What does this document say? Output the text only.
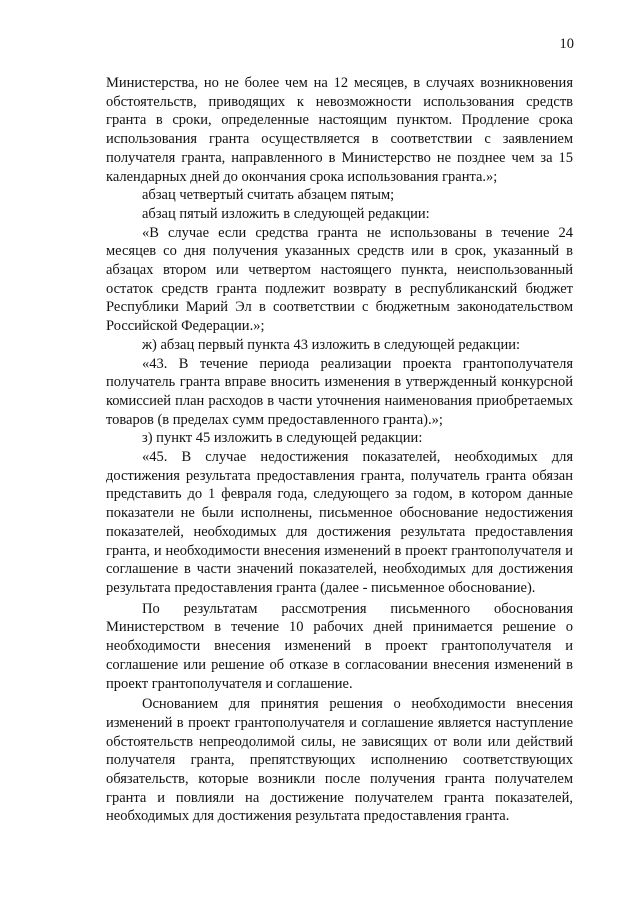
10

Министерства, но не более чем на 12 месяцев, в случаях возникновения обстоятельств, приводящих к невозможности использования средств гранта в сроки, определенные настоящим пунктом. Продление срока использования гранта осуществляется в соответствии с заявлением получателя гранта, направленного в Министерство не позднее чем за 15 календарных дней до окончания срока использования гранта.»;

абзац четвертый считать абзацем пятым;

абзац пятый изложить в следующей редакции:

«В случае если средства гранта не использованы в течение 24 месяцев со дня получения указанных средств или в срок, указанный в абзацах втором или четвертом настоящего пункта, неиспользованный остаток средств гранта подлежит возврату в республиканский бюджет Республики Марий Эл в соответствии с бюджетным законодательством Российской Федерации.»;

ж) абзац первый пункта 43 изложить в следующей редакции:

«43. В течение периода реализации проекта грантополучателя получатель гранта вправе вносить изменения в утвержденный конкурсной комиссией план расходов в части уточнения наименования приобретаемых товаров (в пределах сумм предоставленного гранта).»;

з) пункт 45 изложить в следующей редакции:

«45. В случае недостижения показателей, необходимых для достижения результата предоставления гранта, получатель гранта обязан представить до 1 февраля года, следующего за годом, в котором данные показатели не были исполнены, письменное обоснование недостижения показателей, необходимых для достижения результата предоставления гранта, и необходимости внесения изменений в проект грантополучателя и соглашение в части значений показателей, необходимых для достижения результата предоставления гранта (далее - письменное обоснование).

По результатам рассмотрения письменного обоснования Министерством в течение 10 рабочих дней принимается решение о необходимости внесения изменений в проект грантополучателя и соглашение или решение об отказе в согласовании внесения изменений в проект грантополучателя и соглашение.

Основанием для принятия решения о необходимости внесения изменений в проект грантополучателя и соглашение является наступление обстоятельств непреодолимой силы, не зависящих от воли или действий получателя гранта, препятствующих исполнению соответствующих обязательств, которые возникли после получения гранта получателем гранта и повлияли на достижение получателем гранта показателей, необходимых для достижения результата предоставления гранта.
